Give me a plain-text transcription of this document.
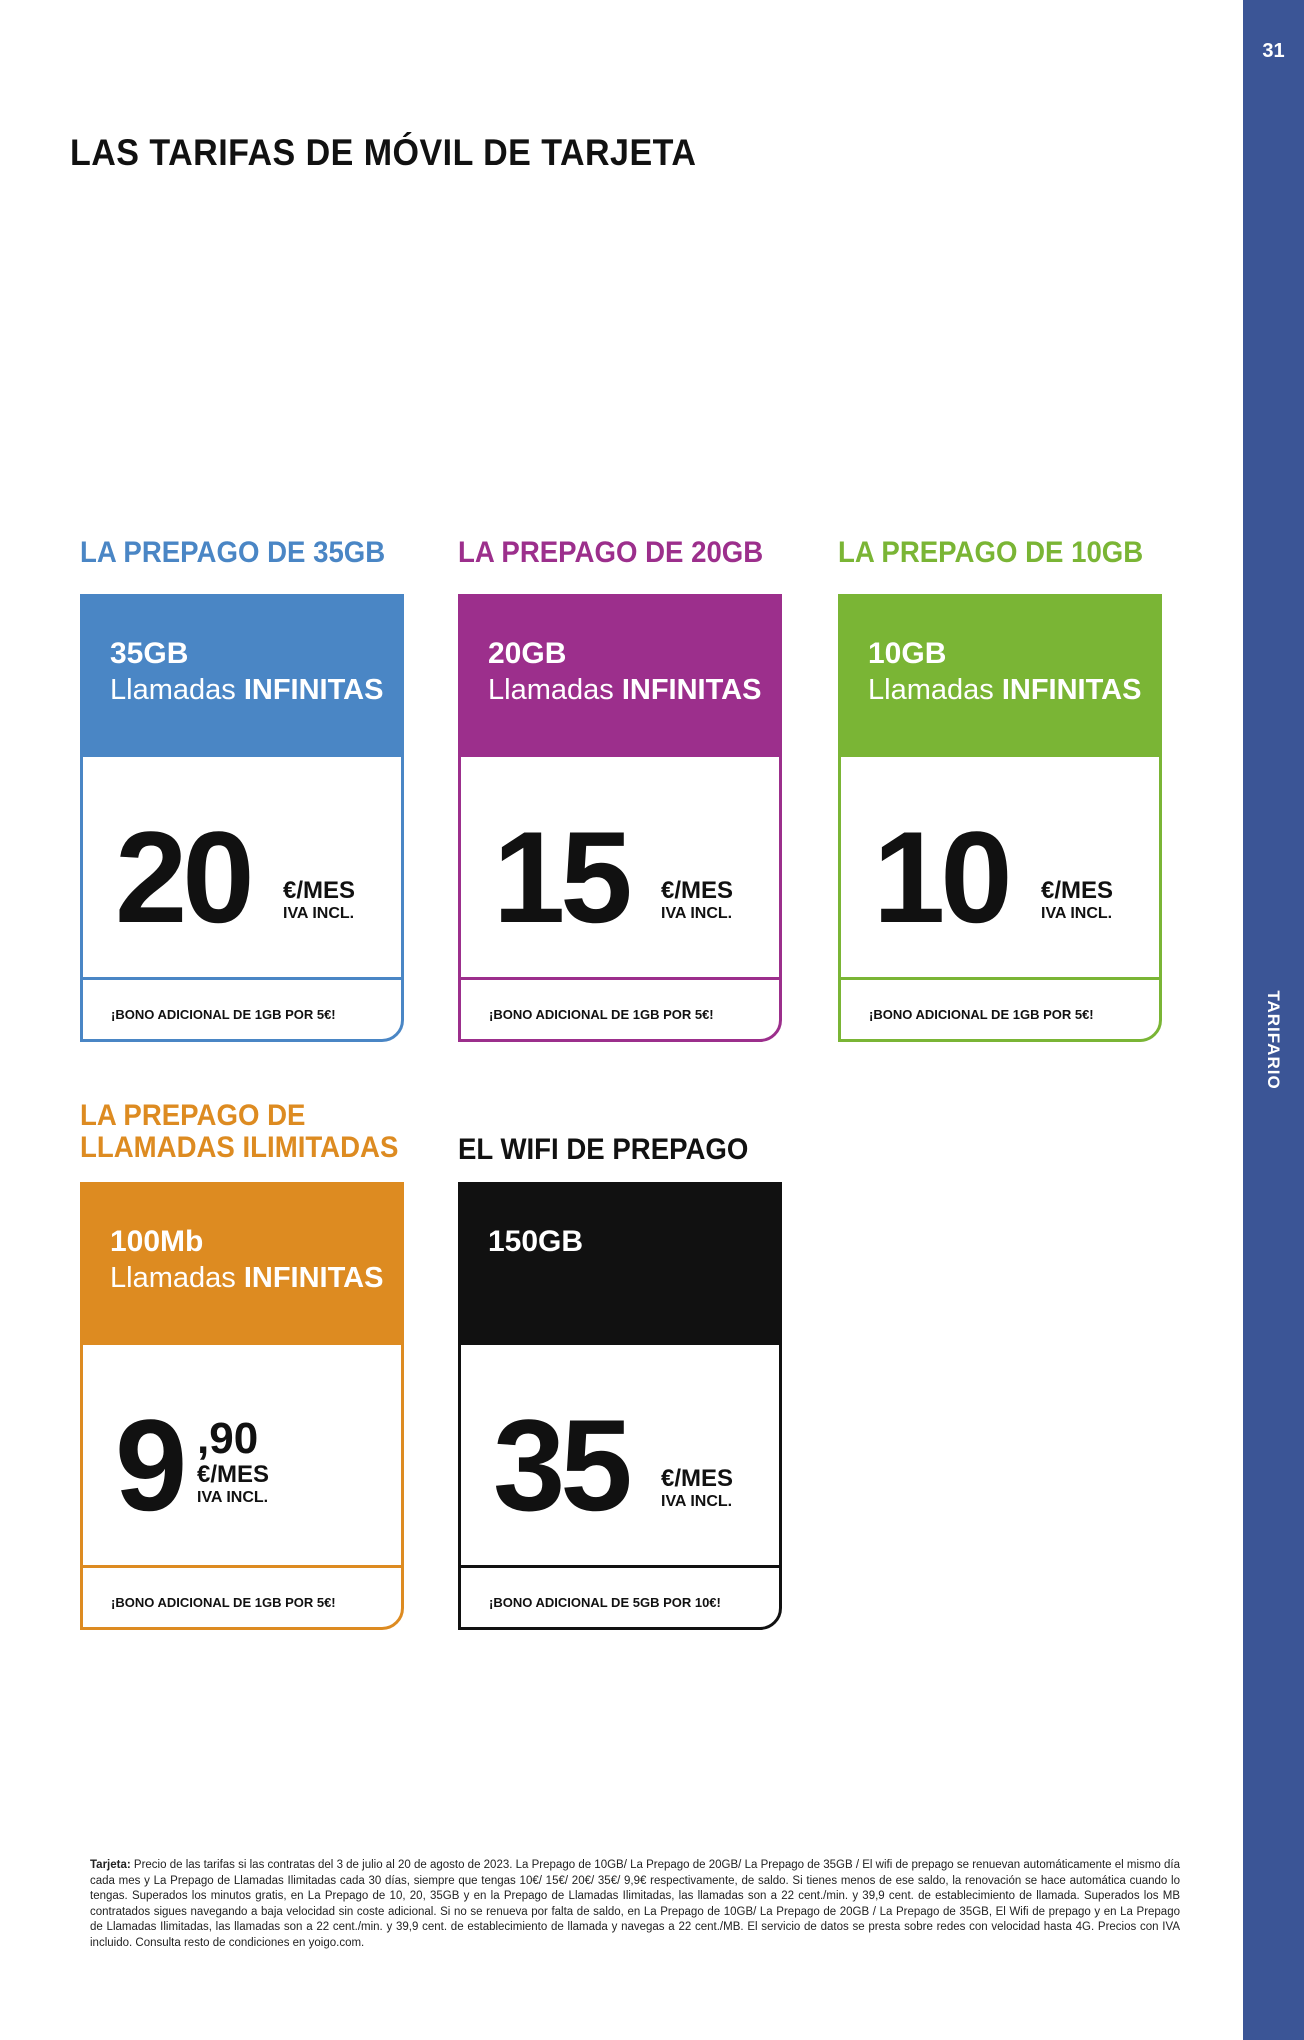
31
TARIFARIO
LAS TARIFAS DE MÓVIL DE TARJETA
LA PREPAGO DE 35GB
35GB
Llamadas INFINITAS
20 €/MES
IVA INCL.
¡BONO ADICIONAL DE 1GB POR 5€!
LA PREPAGO DE 20GB
20GB
Llamadas INFINITAS
15 €/MES
IVA INCL.
¡BONO ADICIONAL DE 1GB POR 5€!
LA PREPAGO DE 10GB
10GB
Llamadas INFINITAS
10 €/MES
IVA INCL.
¡BONO ADICIONAL DE 1GB POR 5€!
LA PREPAGO DE
LLAMADAS ILIMITADAS
100Mb
Llamadas INFINITAS
9 ,90
€/MES
IVA INCL.
¡BONO ADICIONAL DE 1GB POR 5€!
EL WIFI DE PREPAGO
150GB
35 €/MES
IVA INCL.
¡BONO ADICIONAL DE 5GB POR 10€!

Tarjeta: Precio de las tarifas si las contratas del 3 de julio al 20 de agosto de 2023. La Prepago de 10GB/ La Prepago de 20GB/ La Prepago de 35GB / El wifi de prepago se renuevan automáticamente el mismo día cada mes y La Prepago de Llamadas Ilimitadas cada 30 días, siempre que tengas 10€/ 15€/ 20€/ 35€/ 9,9€ respectivamente, de saldo. Si tienes menos de ese saldo, la renovación se hace automática cuando lo tengas. Superados los minutos gratis, en La Prepago de 10, 20, 35GB y en la Prepago de Llamadas Ilimitadas, las llamadas son a 22 cent./min. y 39,9 cent. de establecimiento de llamada. Superados los MB contratados sigues navegando a baja velocidad sin coste adicional. Si no se renueva por falta de saldo, en La Prepago de 10GB/ La Prepago de 20GB / La Prepago de 35GB, El Wifi de prepago y en La Prepago de Llamadas Ilimitadas, las llamadas son a 22 cent./min. y 39,9 cent. de establecimiento de llamada y navegas a 22 cent./MB. El servicio de datos se presta sobre redes con velocidad hasta 4G. Precios con IVA incluido. Consulta resto de condiciones en yoigo.com.
